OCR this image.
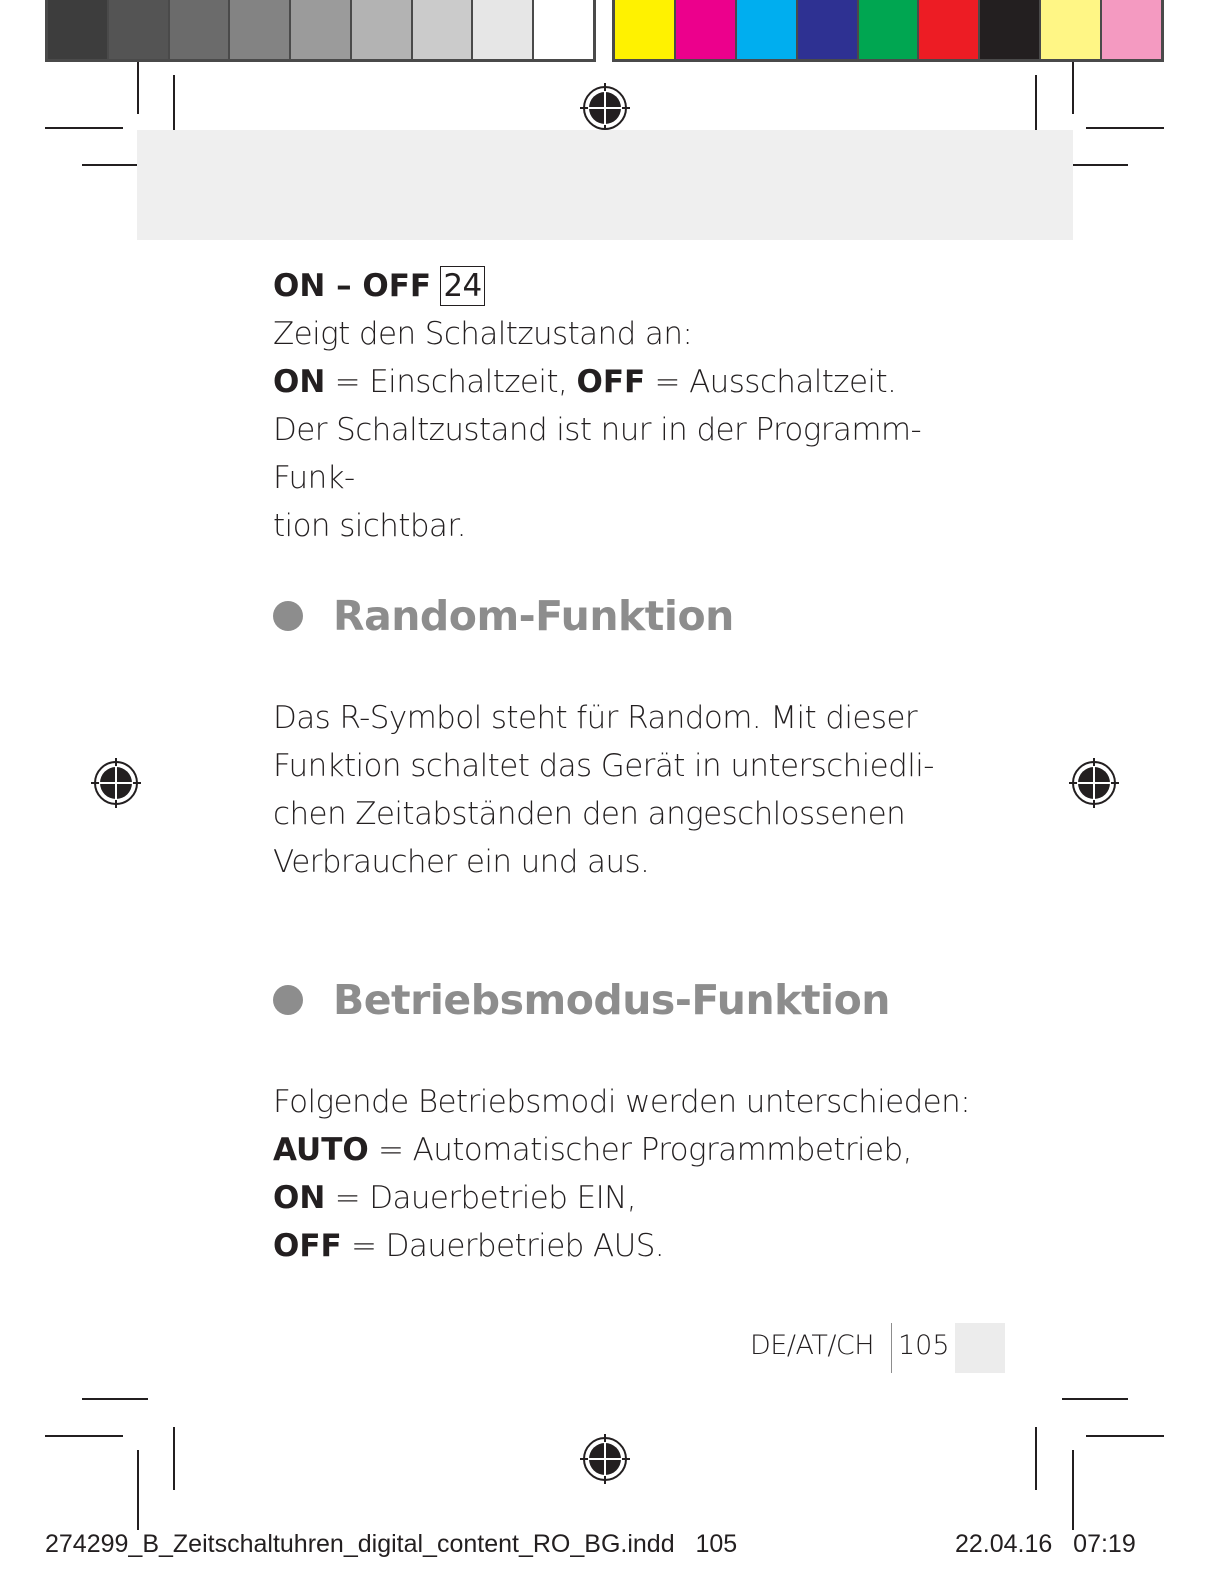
ON – OFF 24

Zeigt den Schaltzustand an:

ON = Einschaltzeit, OFF = Ausschaltzeit.

Der Schaltzustand ist nur in der Programm-Funk-

tion sichtbar.

Random-Funktion

Das R-Symbol steht für Random. Mit dieser

Funktion schaltet das Gerät in unterschiedli-

chen Zeitabständen den angeschlossenen

Verbraucher ein und aus.

Betriebsmodus-Funktion

Folgende Betriebsmodi werden unterschieden:

AUTO = Automatischer Programmbetrieb,

ON = Dauerbetrieb EIN,

OFF = Dauerbetrieb AUS.

DE/AT/CH 105
274299_B_Zeitschaltuhren_digital_content_RO_BG.indd 105	22.04.16 07:19
